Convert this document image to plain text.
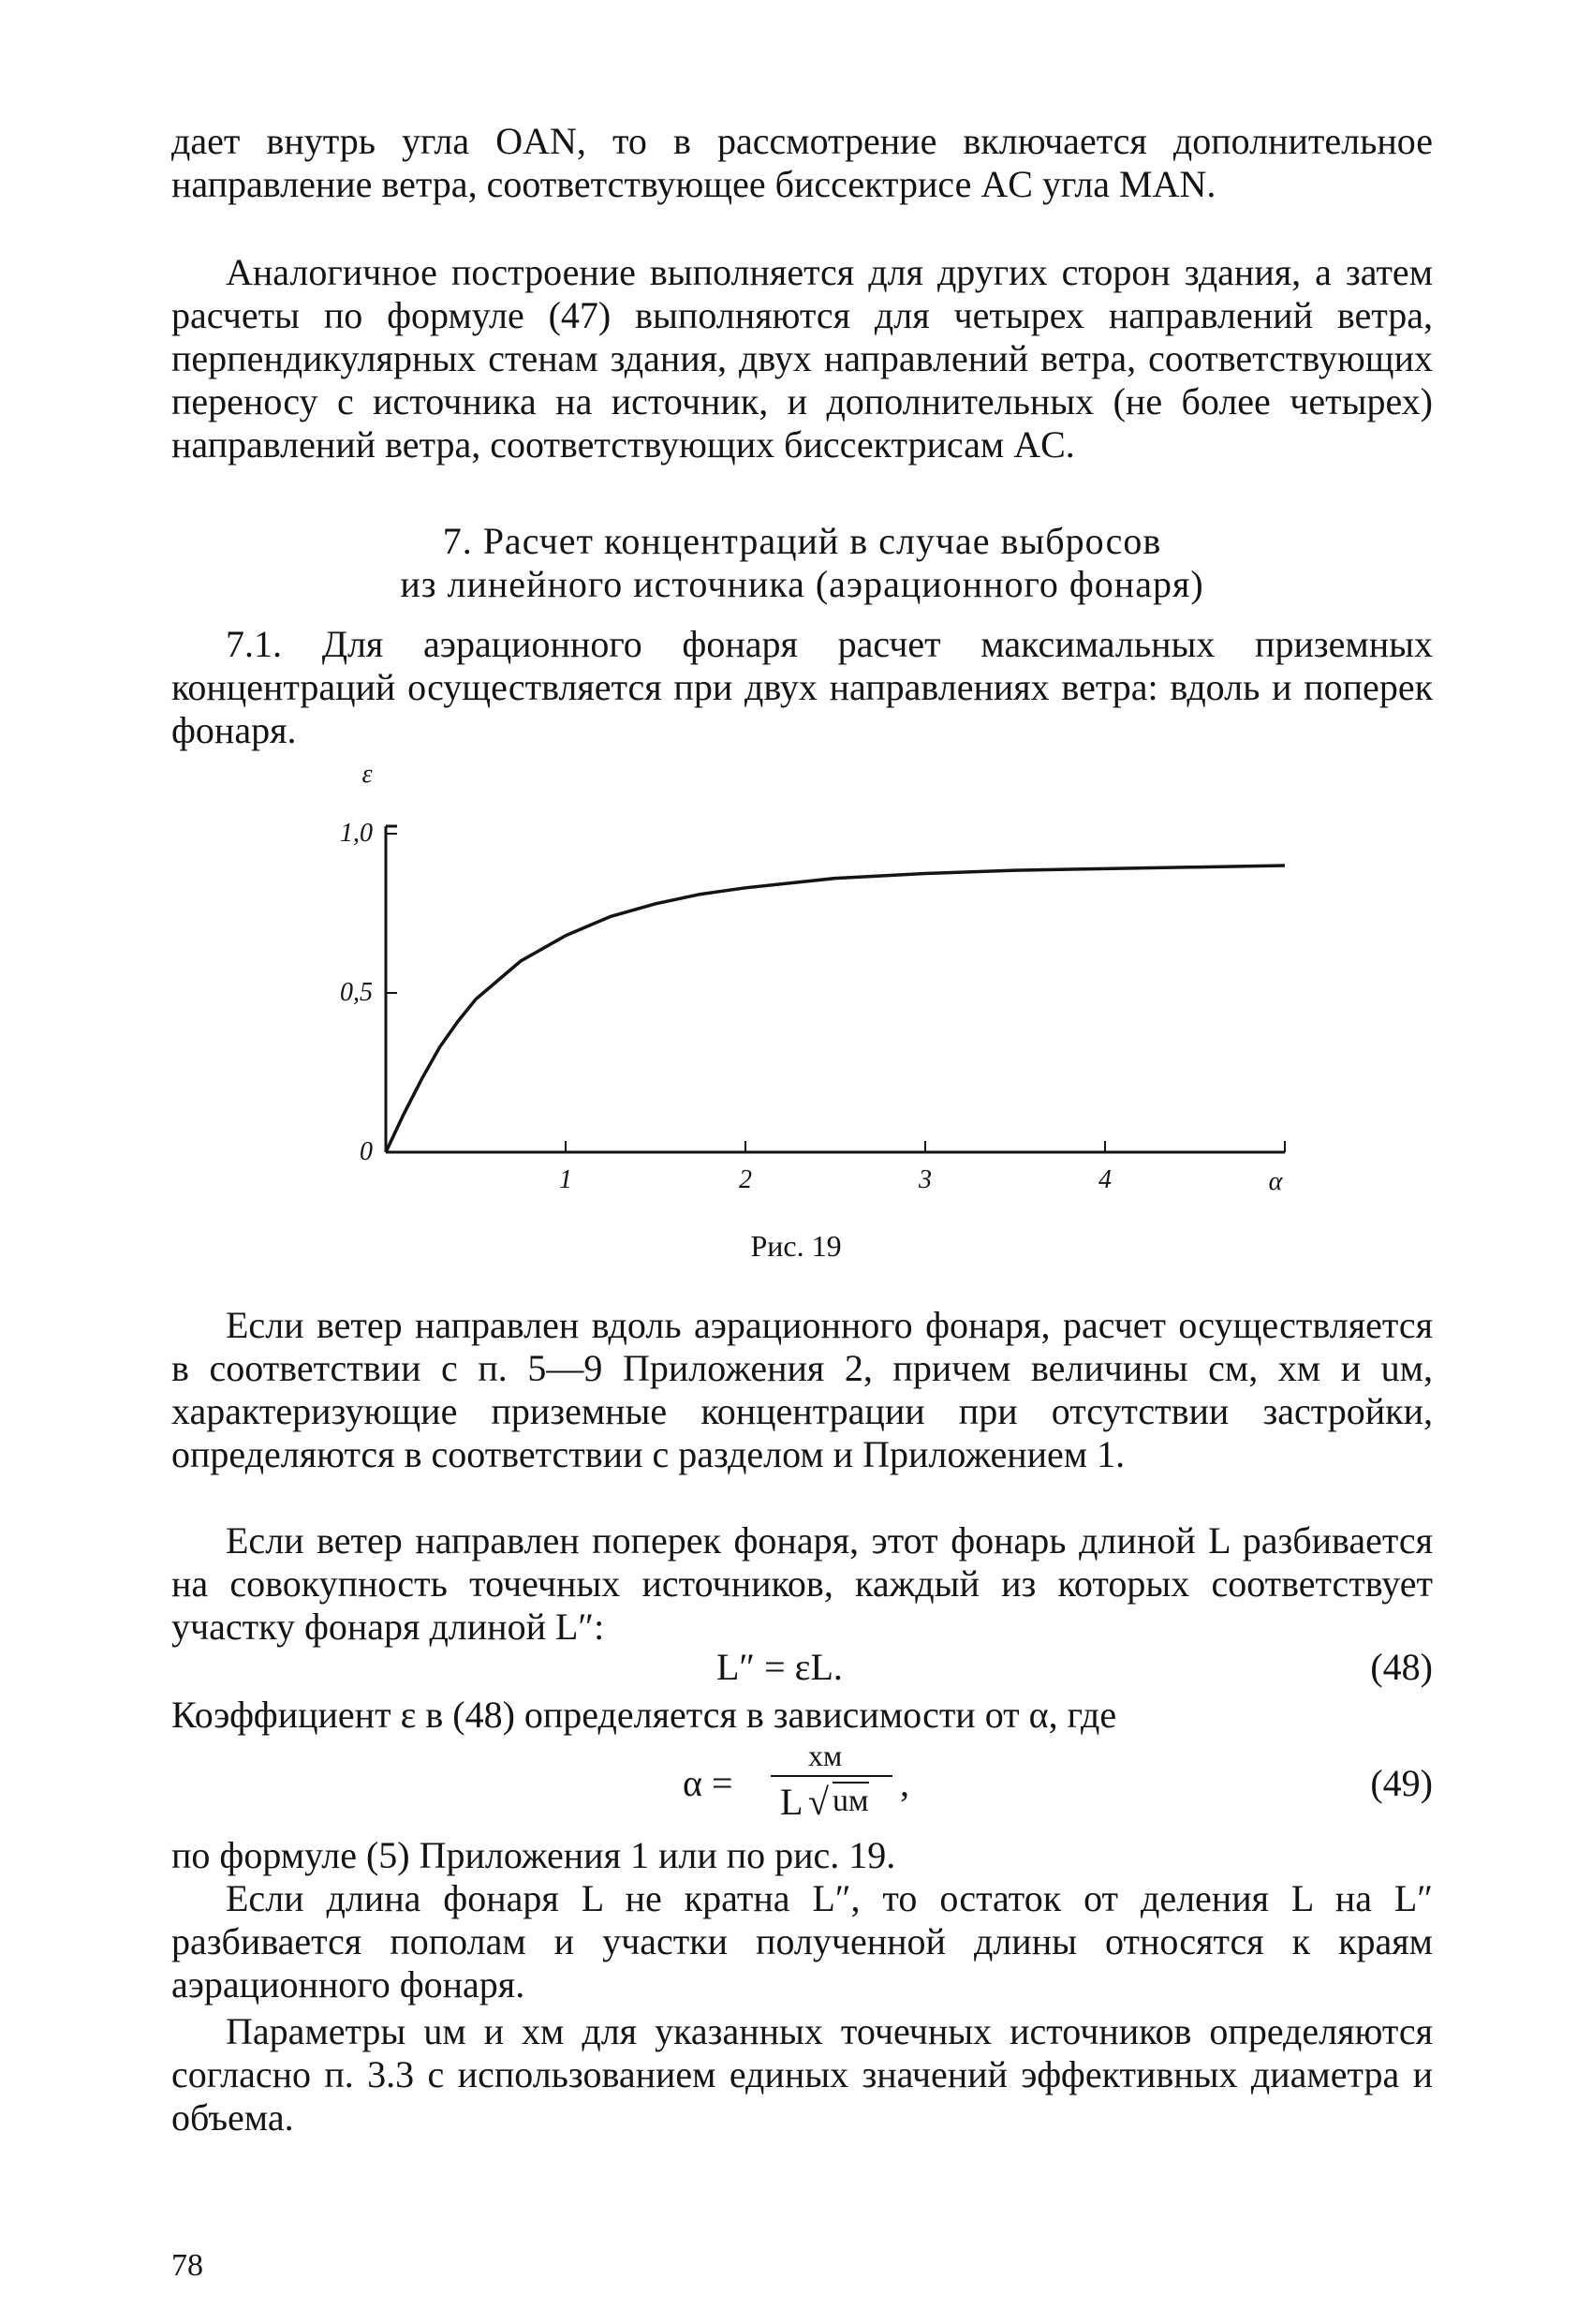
дает внутрь угла OAN, то в рассмотрение включается дополнительное направление ветра, соответствующее биссектрисе AC угла MAN.

Аналогичное построение выполняется для других сторон здания, а затем расчеты по формуле (47) выполняются для четырех направлений ветра, перпендикулярных стенам здания, двух направлений ветра, соответствующих переносу с источника на источник, и дополнительных (не более четырех) направлений ветра, соответствующих биссектрисам AC.

7. Расчет концентраций в случае выбросов
из линейного источника (аэрационного фонаря)

7.1. Для аэрационного фонаря расчет максимальных приземных концентраций осуществляется при двух направлениях ветра: вдоль и поперек фонаря.

0
0,5
1,0
1	2	3	4
ε
α
Рис. 19

Если ветер направлен вдоль аэрационного фонаря, расчет осуществляется в соответствии с п. 5—9 Приложения 2, причем величины cм, xм и uм, характеризующие приземные концентрации при отсутствии застройки, определяются в соответствии с разделом и Приложением 1.

Если ветер направлен поперек фонаря, этот фонарь длиной L разбивается на совокупность точечных источников, каждый из которых соответствует участку фонаря длиной L″:

L″ = εL.	(48)

Коэффициент ε в (48) определяется в зависимости от α, где

α =
xм
L √ uм ,	(49)

по формуле (5) Приложения 1 или по рис. 19.

Если длина фонаря L не кратна L″, то остаток от деления L на L″ разбивается пополам и участки полученной длины относятся к краям аэрационного фонаря.

Параметры uм и xм для указанных точечных источников определяются согласно п. 3.3 с использованием единых значений эффективных диаметра и объема.

78
